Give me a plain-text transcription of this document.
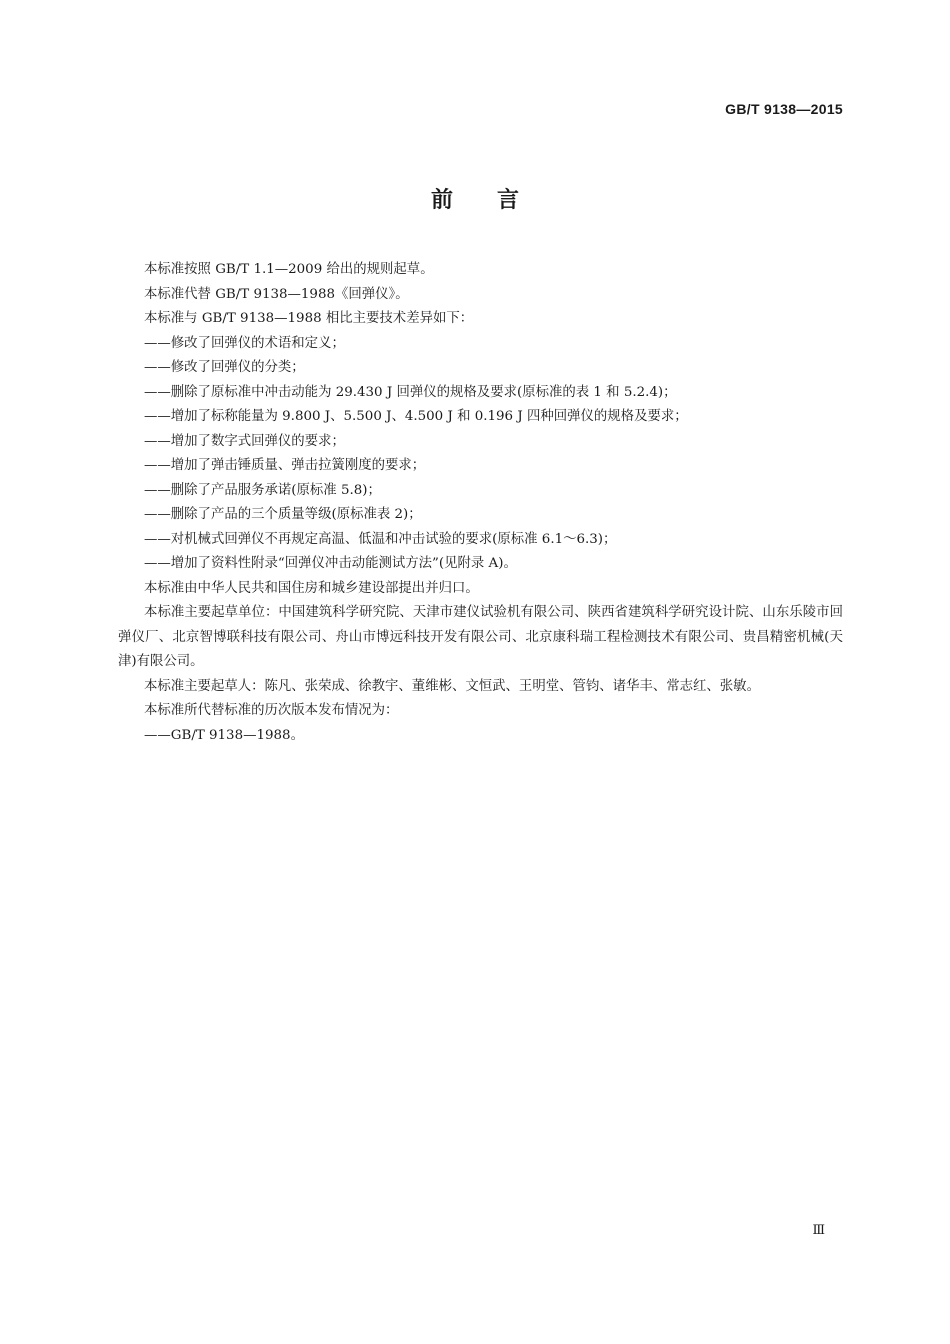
GB/T 9138—2015
前言

本标准按照 GB/T 1.1—2009 给出的规则起草。

本标准代替 GB/T 9138—1988《回弹仪》。

本标准与 GB/T 9138—1988 相比主要技术差异如下：

——修改了回弹仪的术语和定义；

——修改了回弹仪的分类；

——删除了原标准中冲击动能为 29.430 J 回弹仪的规格及要求(原标准的表 1 和 5.2.4)；

——增加了标称能量为 9.800 J、5.500 J、4.500 J 和 0.196 J 四种回弹仪的规格及要求；

——增加了数字式回弹仪的要求；

——增加了弹击锤质量、弹击拉簧刚度的要求；

——删除了产品服务承诺(原标准 5.8)；

——删除了产品的三个质量等级(原标准表 2)；

——对机械式回弹仪不再规定高温、低温和冲击试验的要求(原标准 6.1～6.3)；

——增加了资料性附录“回弹仪冲击动能测试方法”(见附录 A)。

本标准由中华人民共和国住房和城乡建设部提出并归口。

本标准主要起草单位：中国建筑科学研究院、天津市建仪试验机有限公司、陕西省建筑科学研究设计院、山东乐陵市回弹仪厂、北京智博联科技有限公司、舟山市博远科技开发有限公司、北京康科瑞工程检测技术有限公司、贵昌精密机械(天津)有限公司。

本标准主要起草人：陈凡、张荣成、徐教宇、董维彬、文恒武、王明堂、管钧、诸华丰、常志红、张敏。

本标准所代替标准的历次版本发布情况为：

——GB/T 9138—1988。

Ⅲ
